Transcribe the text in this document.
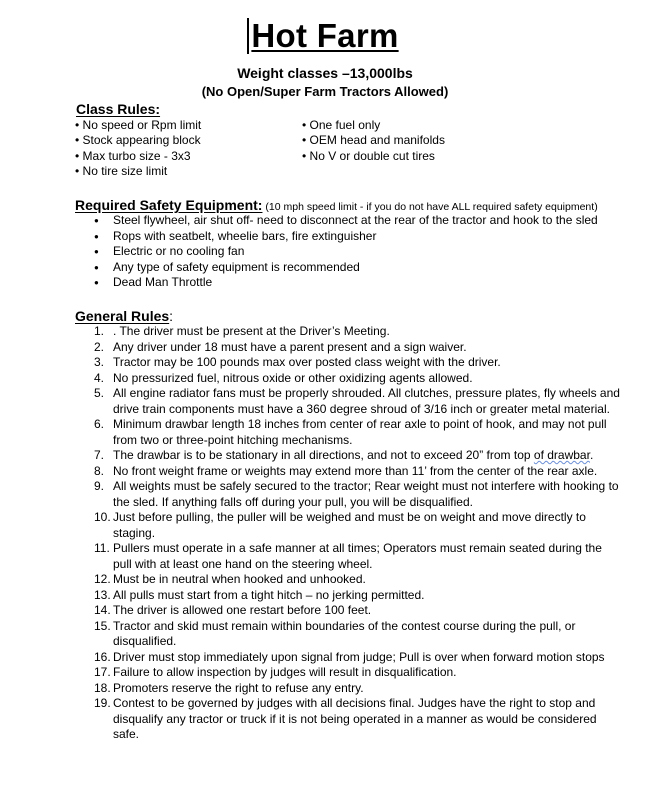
Hot Farm
Weight classes –13,000lbs
(No Open/Super Farm Tractors Allowed)
Class Rules:
• No speed or Rpm limit
• Stock appearing block
• Max turbo size - 3x3
• No tire size limit
• One fuel only
• OEM head and manifolds
• No V or double cut tires
Required Safety Equipment: (10 mph speed limit - if you do not have ALL required safety equipment)
● Steel flywheel, air shut off- need to disconnect at the rear of the tractor and hook to the sled
● Rops with seatbelt, wheelie bars, fire extinguisher
● Electric or no cooling fan
● Any type of safety equipment is recommended
● Dead Man Throttle
General Rules:
1. . The driver must be present at the Driver’s Meeting.
2. Any driver under 18 must have a parent present and a sign waiver.
3. Tractor may be 100 pounds max over posted class weight with the driver.
4. No pressurized fuel, nitrous oxide or other oxidizing agents allowed.
5. All engine radiator fans must be properly shrouded. All clutches, pressure plates, fly wheels and drive train components must have a 360 degree shroud of 3/16 inch or greater metal material.
6. Minimum drawbar length 18 inches from center of rear axle to point of hook, and may not pull from two or three-point hitching mechanisms.
7. The drawbar is to be stationary in all directions, and not to exceed 20” from top of drawbar.
8. No front weight frame or weights may extend more than 11’ from the center of the rear axle.
9. All weights must be safely secured to the tractor; Rear weight must not interfere with hooking to the sled. If anything falls off during your pull, you will be disqualified.
10. Just before pulling, the puller will be weighed and must be on weight and move directly to staging.
11. Pullers must operate in a safe manner at all times; Operators must remain seated during the pull with at least one hand on the steering wheel.
12. Must be in neutral when hooked and unhooked.
13. All pulls must start from a tight hitch – no jerking permitted.
14. The driver is allowed one restart before 100 feet.
15. Tractor and skid must remain within boundaries of the contest course during the pull, or disqualified.
16. Driver must stop immediately upon signal from judge; Pull is over when forward motion stops
17. Failure to allow inspection by judges will result in disqualification.
18. Promoters reserve the right to refuse any entry.
19. Contest to be governed by judges with all decisions final. Judges have the right to stop and disqualify any tractor or truck if it is not being operated in a manner as would be considered safe.
